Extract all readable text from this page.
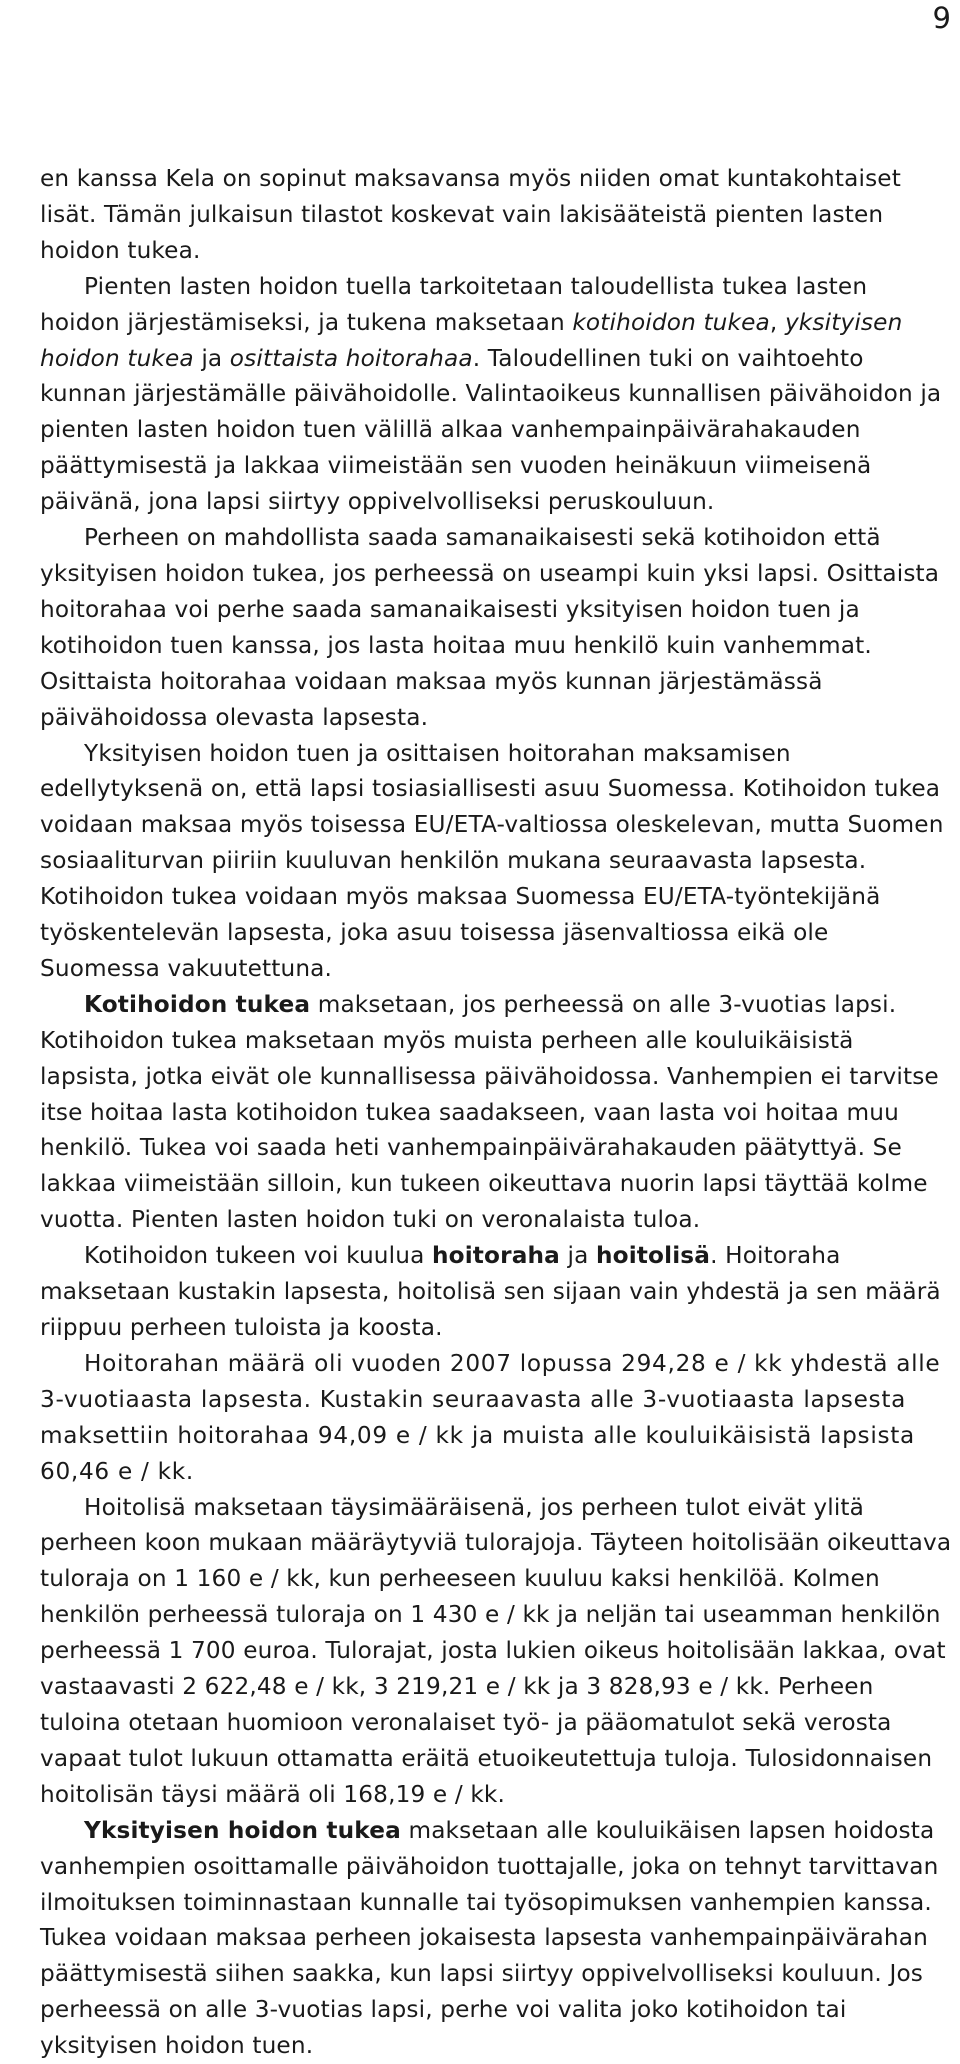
9

en kanssa Kela on sopinut maksavansa myös niiden omat kuntakohtaiset lisät. Tämän julkaisun tilastot koskevat vain lakisääteistä pienten lasten hoidon tukea.

Pienten lasten hoidon tuella tarkoitetaan taloudellista tukea lasten hoidon järjestämiseksi, ja tukena maksetaan kotihoidon tukea, yksityisen hoidon tukea ja osittaista hoitorahaa. Taloudellinen tuki on vaihtoehto kunnan järjestämälle päivähoidolle. Valintaoikeus kunnallisen päivähoidon ja pienten lasten hoidon tuen välillä alkaa vanhempainpäivärahakauden päättymisestä ja lakkaa viimeistään sen vuoden heinäkuun viimeisenä päivänä, jona lapsi siirtyy oppivelvolliseksi peruskouluun.

Perheen on mahdollista saada samanaikaisesti sekä kotihoidon että yksityisen hoidon tukea, jos perheessä on useampi kuin yksi lapsi. Osittaista hoitorahaa voi perhe saada samanaikaisesti yksityisen hoidon tuen ja kotihoidon tuen kanssa, jos lasta hoitaa muu henkilö kuin vanhemmat. Osittaista hoitorahaa voidaan maksaa myös kunnan järjestämässä päivähoidossa olevasta lapsesta.

Yksityisen hoidon tuen ja osittaisen hoitorahan maksamisen edellytyksenä on, että lapsi tosiasiallisesti asuu Suomessa. Kotihoidon tukea voidaan maksaa myös toisessa EU/ETA-valtiossa oleskelevan, mutta Suomen sosiaaliturvan piiriin kuuluvan henkilön mukana seuraavasta lapsesta. Kotihoidon tukea voidaan myös maksaa Suomessa EU/ETA-työntekijänä työskentelevän lapsesta, joka asuu toisessa jäsenvaltiossa eikä ole Suomessa vakuutettuna.

Kotihoidon tukea maksetaan, jos perheessä on alle 3-vuotias lapsi. Kotihoidon tukea maksetaan myös muista perheen alle kouluikäisistä lapsista, jotka eivät ole kunnallisessa päivähoidossa. Vanhempien ei tarvitse itse hoitaa lasta kotihoidon tukea saadakseen, vaan lasta voi hoitaa muu henkilö. Tukea voi saada heti vanhempainpäivärahakauden päätyttyä. Se lakkaa viimeistään silloin, kun tukeen oikeuttava nuorin lapsi täyttää kolme vuotta. Pienten lasten hoidon tuki on veronalaista tuloa.

Kotihoidon tukeen voi kuulua hoitoraha ja hoitolisä. Hoitoraha maksetaan kustakin lapsesta, hoitolisä sen sijaan vain yhdestä ja sen määrä riippuu perheen tuloista ja koosta.

Hoitorahan määrä oli vuoden 2007 lopussa 294,28 e / kk yhdestä alle 3-vuotiaasta lapsesta. Kustakin seuraavasta alle 3-vuotiaasta lapsesta maksettiin hoitorahaa 94,09 e / kk ja muista alle kouluikäisistä lapsista 60,46 e / kk.

Hoitolisä maksetaan täysimääräisenä, jos perheen tulot eivät ylitä perheen koon mukaan määräytyviä tulorajoja. Täyteen hoitolisään oikeuttava tuloraja on 1 160 e / kk, kun perheeseen kuuluu kaksi henkilöä. Kolmen henkilön perheessä tuloraja on 1 430 e / kk ja neljän tai useamman henkilön perheessä 1 700 euroa. Tulorajat, josta lukien oikeus hoitolisään lakkaa, ovat vastaavasti 2 622,48 e / kk, 3 219,21 e / kk ja 3 828,93 e / kk. Perheen tuloina otetaan huomioon veronalaiset työ- ja pääomatulot sekä verosta vapaat tulot lukuun ottamatta eräitä etuoikeutettuja tuloja. Tulosidonnaisen hoitolisän täysi määrä oli 168,19 e / kk.

Yksityisen hoidon tukea maksetaan alle kouluikäisen lapsen hoidosta vanhempien osoittamalle päivähoidon tuottajalle, joka on tehnyt tarvittavan ilmoituksen toiminnastaan kunnalle tai työsopimuksen vanhempien kanssa. Tukea voidaan maksaa perheen jokaisesta lapsesta vanhempainpäivärahan päättymisestä siihen saakka, kun lapsi siirtyy oppivelvolliseksi kouluun. Jos perheessä on alle 3-vuotias lapsi, perhe voi valita joko kotihoidon tai yksityisen hoidon tuen.
